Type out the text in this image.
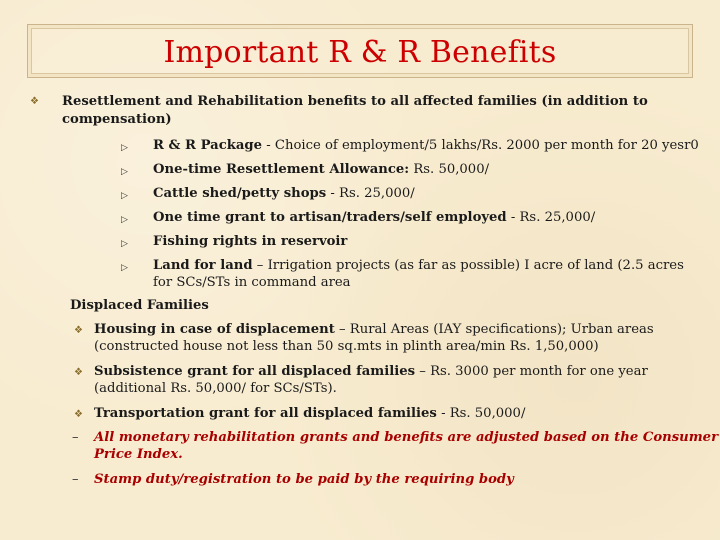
Important R & R Benefits
❖ Resettlement and Rehabilitation benefits to all affected families (in addition to
compensation)
▷ R & R Package - Choice of employment/5 lakhs/Rs. 2000 per month for 20 yesr0
▷ One-time Resettlement Allowance: Rs. 50,000/
▷ Cattle shed/petty shops - Rs. 25,000/
▷ One time grant to artisan/traders/self employed - Rs. 25,000/
▷ Fishing rights in reservoir
▷ Land for land – Irrigation projects (as far as possible) I acre of land (2.5 acres
for SCs/STs in command area
Displaced Families
❖ Housing in case of displacement – Rural Areas (IAY specifications); Urban areas
(constructed house not less than 50 sq.mts in plinth area/min Rs. 1,50,000)
❖ Subsistence grant for all displaced families – Rs. 3000 per month for one year
(additional Rs. 50,000/ for SCs/STs).
❖ Transportation grant for all displaced families - Rs. 50,000/
– All monetary rehabilitation grants and benefits are adjusted based on the Consumer
Price Index.
– Stamp duty/registration to be paid by the requiring body
